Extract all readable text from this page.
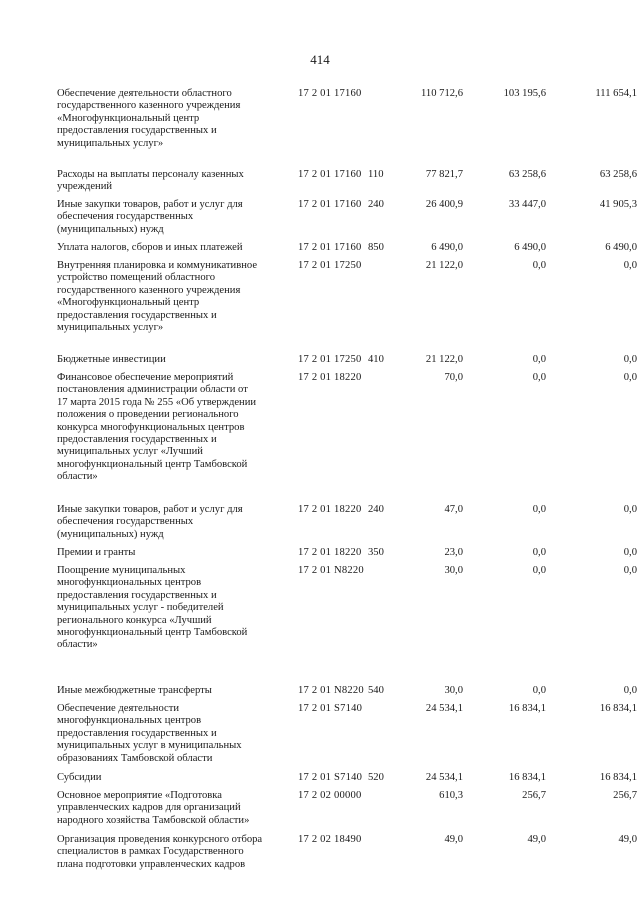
414
Обеспечение деятельности областного
государственного казенного учреждения
«Многофункциональный центр
предоставления государственных и
муниципальных услуг»
17 2 01 17160	110 712,6	103 195,6	111 654,1
Расходы на выплаты персоналу казенных
учреждений
17 2 01 17160 110	77 821,7	63 258,6	63 258,6
Иные закупки товаров, работ и услуг для
обеспечения государственных
(муниципальных) нужд
17 2 01 17160 240	26 400,9	33 447,0	41 905,3
Уплата налогов, сборов и иных платежей	17 2 01 17160 850	6 490,0	6 490,0	6 490,0
Внутренняя планировка и коммуникативное
устройство помещений областного
государственного казенного учреждения
«Многофункциональный центр
предоставления государственных и
муниципальных услуг»
17 2 01 17250	21 122,0	0,0	0,0
Бюджетные инвестиции	17 2 01 17250 410	21 122,0	0,0	0,0
Финансовое обеспечение мероприятий
постановления администрации области от
17 марта 2015 года № 255 «Об утверждении
положения о проведении регионального
конкурса многофункциональных центров
предоставления государственных и
муниципальных услуг «Лучший
многофункциональный центр Тамбовской
области»
17 2 01 18220	70,0	0,0	0,0
Иные закупки товаров, работ и услуг для
обеспечения государственных
(муниципальных) нужд
17 2 01 18220 240	47,0	0,0	0,0
Премии и гранты	17 2 01 18220 350	23,0	0,0	0,0
Поощрение муниципальных
многофункциональных центров
предоставления государственных и
муниципальных услуг - победителей
регионального конкурса «Лучший
многофункциональный центр Тамбовской
области»
17 2 01 N8220	30,0	0,0	0,0
Иные межбюджетные трансферты	17 2 01 N8220 540	30,0	0,0	0,0
Обеспечение деятельности
многофункциональных центров
предоставления государственных и
муниципальных услуг в муниципальных
образованиях Тамбовской области
17 2 01 S7140	24 534,1	16 834,1	16 834,1
Субсидии	17 2 01 S7140 520	24 534,1	16 834,1	16 834,1
Основное мероприятие «Подготовка
управленческих кадров для организаций
народного хозяйства Тамбовской области»
17 2 02 00000	610,3	256,7	256,7
Организация проведения конкурсного отбора
специалистов в рамках Государственного
плана подготовки управленческих кадров
17 2 02 18490	49,0	49,0	49,0
